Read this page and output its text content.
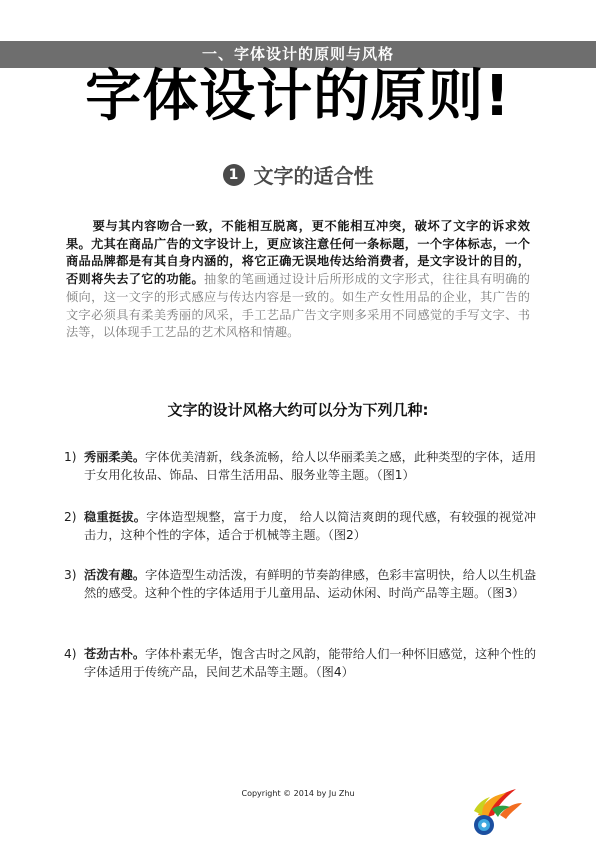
一、字体设计的原则与风格
字体设计的原则!
1 文字的适合性
要与其内容吻合一致，不能相互脱离，更不能相互冲突，破坏了文字的诉求效果。尤其在商品广告的文字设计上，更应该注意任何一条标题，一个字体标志，一个商品品牌都是有其自身内涵的，将它正确无误地传达给消费者，是文字设计的目的，否则将失去了它的功能。抽象的笔画通过设计后所形成的文字形式，往往具有明确的倾向，这一文字的形式感应与传达内容是一致的。如生产女性用品的企业，其广告的文字必须具有柔美秀丽的风采，手工艺品广告文字则多采用不同感觉的手写文字、书法等，以体现手工艺品的艺术风格和情趣。
文字的设计风格大约可以分为下列几种:
1) 秀丽柔美。字体优美清新，线条流畅，给人以华丽柔美之感，此种类型的字体，适用于女用化妆品、饰品、日常生活用品、服务业等主题。（图1）
2) 稳重挺拔。字体造型规整，富于力度， 给人以简洁爽朗的现代感，有较强的视觉冲击力，这种个性的字体，适合于机械等主题。（图2）
3) 活泼有趣。字体造型生动活泼，有鲜明的节奏韵律感，色彩丰富明快，给人以生机盎然的感受。这种个性的字体适用于儿童用品、运动休闲、时尚产品等主题。（图3）
4) 苍劲古朴。字体朴素无华，饱含古时之风韵，能带给人们一种怀旧感觉，这种个性的字体适用于传统产品，民间艺术品等主题。（图4）
Copyright © 2014 by Ju Zhu
